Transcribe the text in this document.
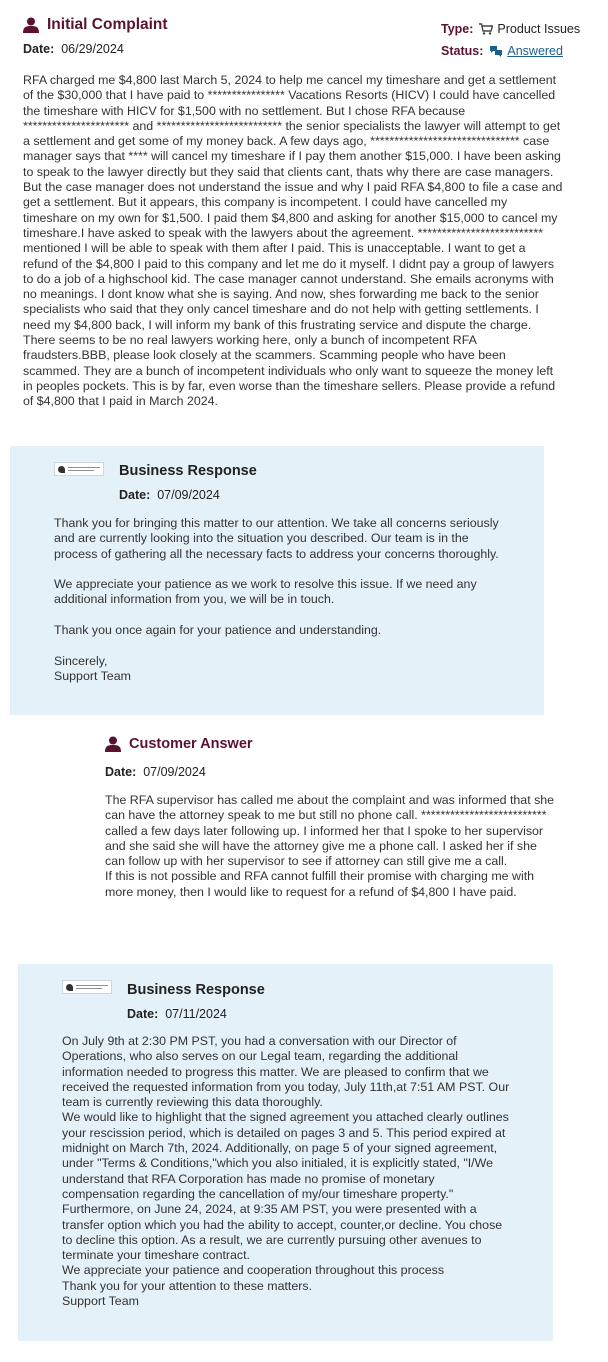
Initial Complaint
Date: 06/29/2024
Type: Product Issues
Status: Answered
RFA charged me $4,800 last March 5, 2024 to help me cancel my timeshare and get a settlement of the $30,000 that I have paid to **************** Vacations Resorts (HICV) I could have cancelled the timeshare with HICV for $1,500 with no settlement. But I chose RFA because ********************** and ************************** the senior specialists the lawyer will attempt to get a settlement and get some of my money back. A few days ago, ******************************* case manager says that **** will cancel my timeshare if I pay them another $15,000. I have been asking to speak to the lawyer directly but they said that clients cant, thats why there are case managers. But the case manager does not understand the issue and why I paid RFA $4,800 to file a case and get a settlement. But it appears, this company is incompetent. I could have cancelled my timeshare on my own for $1,500. I paid them $4,800 and asking for another $15,000 to cancel my timeshare.I have asked to speak with the lawyers about the agreement. ************************** mentioned I will be able to speak with them after I paid. This is unacceptable. I want to get a refund of the $4,800 I paid to this company and let me do it myself. I didnt pay a group of lawyers to do a job of a highschool kid. The case manager cannot understand. She emails acronyms with no meanings. I dont know what she is saying. And now, shes forwarding me back to the senior specialists who said that they only cancel timeshare and do not help with getting settlements. I need my $4,800 back, I will inform my bank of this frustrating service and dispute the charge. There seems to be no real lawyers working here, only a bunch of incompetent RFA fraudsters.BBB, please look closely at the scammers. Scamming people who have been scammed. They are a bunch of incompetent individuals who only want to squeeze the money left in peoples pockets. This is by far, even worse than the timeshare sellers. Please provide a refund of $4,800 that I paid in March 2024.
Business Response
Date: 07/09/2024

Thank you for bringing this matter to our attention. We take all concerns seriously and are currently looking into the situation you described. Our team is in the process of gathering all the necessary facts to address your concerns thoroughly.

We appreciate your patience as we work to resolve this issue. If we need any additional information from you, we will be in touch.

Thank you once again for your patience and understanding.

Sincerely,
Support Team

Customer Answer
Date: 07/09/2024
The RFA supervisor has called me about the complaint and was informed that she can have the attorney speak to me but still no phone call. ************************** called a few days later following up. I informed her that I spoke to her supervisor and she said she will have the attorney give me a phone call. I asked her if she can follow up with her supervisor to see if attorney can still give me a call.
If this is not possible and RFA cannot fulfill their promise with charging me with more money, then I would like to request for a refund of $4,800 I have paid.
Business Response
Date: 07/11/2024
On July 9th at 2:30 PM PST, you had a conversation with our Director of Operations, who also serves on our Legal team, regarding the additional information needed to progress this matter. We are pleased to confirm that we received the requested information from you today, July 11th,at 7:51 AM PST. Our team is currently reviewing this data thoroughly.
We would like to highlight that the signed agreement you attached clearly outlines your rescission period, which is detailed on pages 3 and 5. This period expired at midnight on March 7th, 2024. Additionally, on page 5 of your signed agreement, under "Terms & Conditions,"which you also initialed, it is explicitly stated, "I/We understand that RFA Corporation has made no promise of monetary compensation regarding the cancellation of my/our timeshare property."
Furthermore, on June 24, 2024, at 9:35 AM PST, you were presented with a transfer option which you had the ability to accept, counter,or decline. You chose to decline this option. As a result, we are currently pursuing other avenues to terminate your timeshare contract.
We appreciate your patience and cooperation throughout this process
Thank you for your attention to these matters.
Support Team
